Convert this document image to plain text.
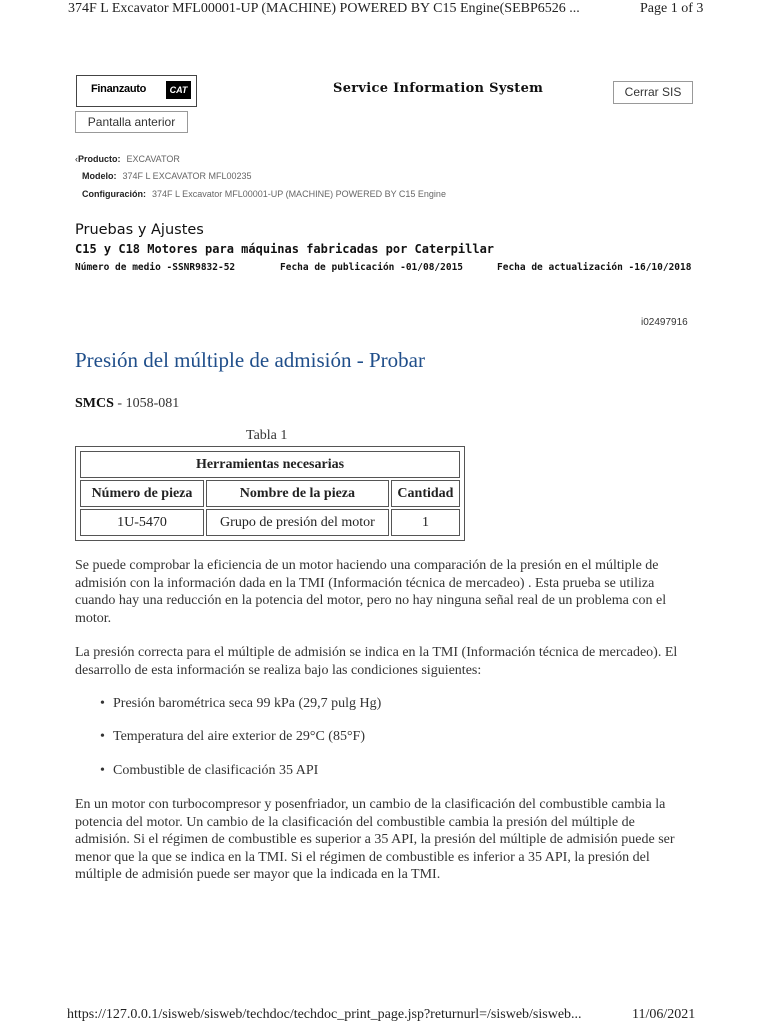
374F L Excavator MFL00001-UP (MACHINE) POWERED BY C15 Engine(SEBP6526 ...	Page 1 of 3
Finanzauto	CAT	Service Information System	Cerrar SIS
Pantalla anterior
‹Producto: EXCAVATOR
Modelo: 374F L EXCAVATOR MFL00235
Configuración: 374F L Excavator MFL00001-UP (MACHINE) POWERED BY C15 Engine
Pruebas y Ajustes
C15 y C18 Motores para máquinas fabricadas por Caterpillar
Número de medio -SSNR9832-52	Fecha de publicación -01/08/2015	Fecha de actualización -16/10/2018
i02497916
Presión del múltiple de admisión - Probar
SMCS - 1058-081
Tabla 1
Herramientas necesarias		
Número de pieza	Nombre de la pieza	Cantidad
1U-5470	Grupo de presión del motor	1

Se puede comprobar la eficiencia de un motor haciendo una comparación de la presión en el múltiple de admisión con la información dada en la TMI (Información técnica de mercadeo) . Esta prueba se utiliza cuando hay una reducción en la potencia del motor, pero no hay ninguna señal real de un problema con el motor.

La presión correcta para el múltiple de admisión se indica en la TMI (Información técnica de mercadeo). El desarrollo de esta información se realiza bajo las condiciones siguientes:

• Presión barométrica seca 99 kPa (29,7 pulg Hg)
• Temperatura del aire exterior de 29°C (85°F)
• Combustible de clasificación 35 API

En un motor con turbocompresor y posenfriador, un cambio de la clasificación del combustible cambia la potencia del motor. Un cambio de la clasificación del combustible cambia la presión del múltiple de admisión. Si el régimen de combustible es superior a 35 API, la presión del múltiple de admisión puede ser menor que la que se indica en la TMI. Si el régimen de combustible es inferior a 35 API, la presión del múltiple de admisión puede ser mayor que la indicada en la TMI.

https://127.0.0.1/sisweb/sisweb/techdoc/techdoc_print_page.jsp?returnurl=/sisweb/sisweb...	11/06/2021
